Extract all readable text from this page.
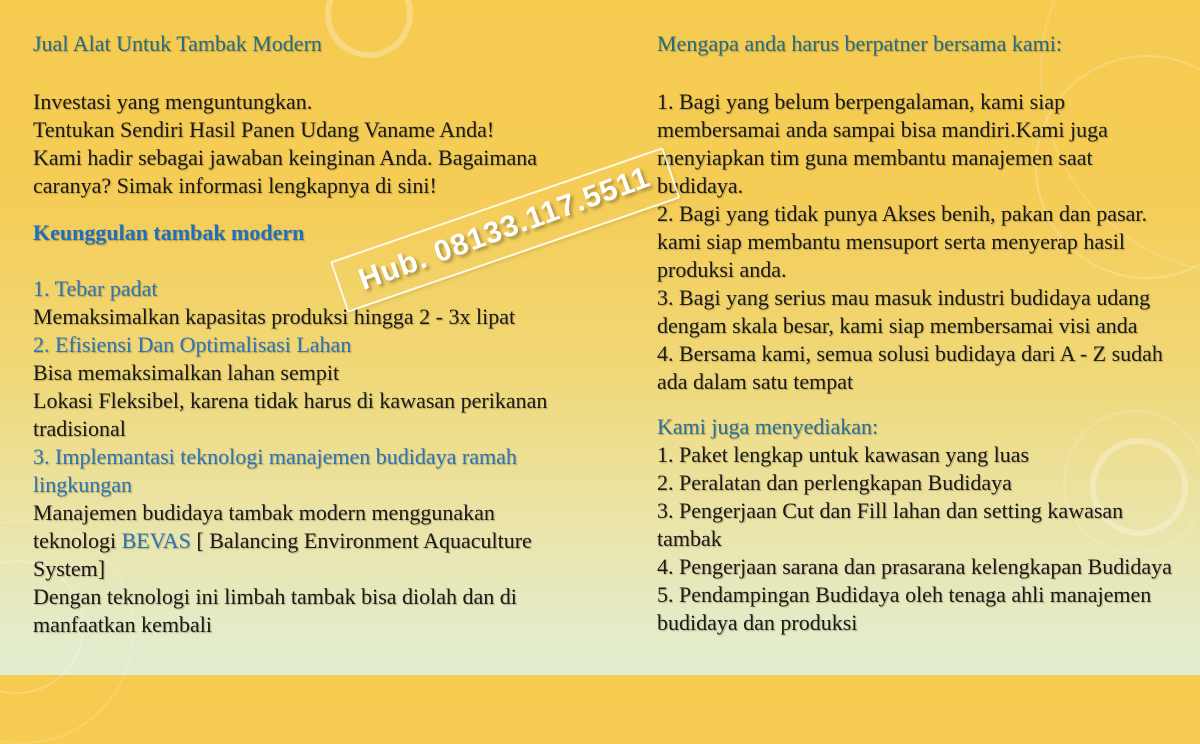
Jual Alat Untuk Tambak Modern
Investasi yang menguntungkan.
Tentukan Sendiri Hasil Panen Udang Vaname Anda!
Kami hadir sebagai jawaban keinginan Anda. Bagaimana caranya? Simak informasi lengkapnya di sini!
Keunggulan tambak modern
1. Tebar padat
Memaksimalkan kapasitas produksi hingga 2 - 3x lipat
2. Efisiensi Dan Optimalisasi Lahan
Bisa memaksimalkan lahan sempit
Lokasi Fleksibel, karena tidak harus di kawasan perikanan tradisional
3. Implemantasi teknologi manajemen budidaya ramah lingkungan
Manajemen budidaya tambak modern menggunakan teknologi BEVAS [ Balancing Environment Aquaculture System]
Dengan teknologi ini limbah tambak bisa diolah dan di manfaatkan kembali
Mengapa anda harus berpatner bersama kami:
1. Bagi yang belum berpengalaman, kami siap membersamai anda sampai bisa mandiri.Kami juga menyiapkan tim guna membantu manajemen saat budidaya.
2. Bagi yang tidak punya Akses benih, pakan dan pasar. kami siap membantu mensuport serta menyerap hasil produksi anda.
3. Bagi yang serius mau masuk industri budidaya udang dengam skala besar, kami siap membersamai visi anda
4. Bersama kami, semua solusi budidaya dari A - Z sudah ada dalam satu tempat
Kami juga menyediakan:
1. Paket lengkap untuk kawasan yang luas
2. Peralatan dan perlengkapan Budidaya
3. Pengerjaan Cut dan Fill lahan dan setting kawasan tambak
4. Pengerjaan sarana dan prasarana kelengkapan Budidaya
5. Pendampingan Budidaya oleh tenaga ahli manajemen budidaya dan produksi
Hub. 08133.117.5511
